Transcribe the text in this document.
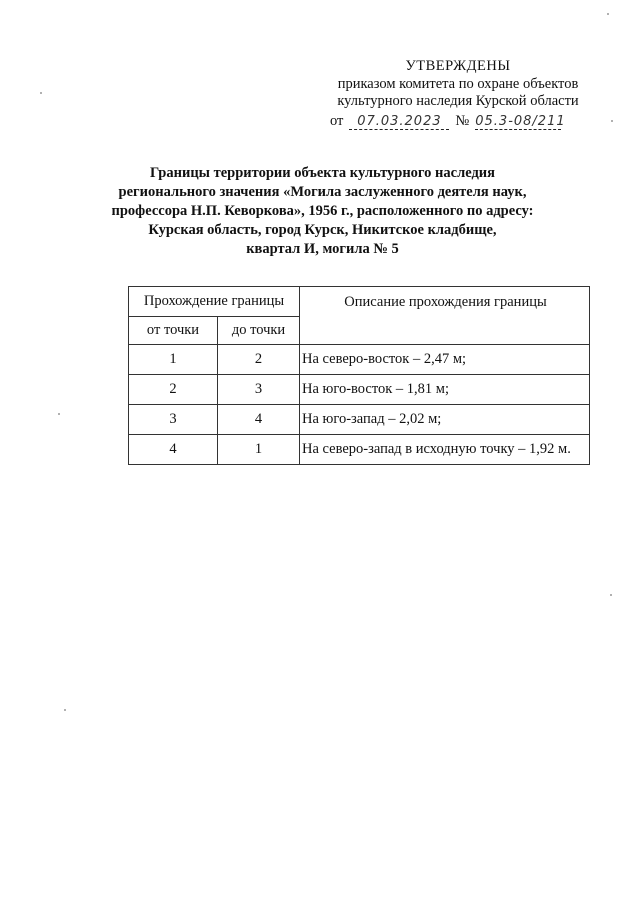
УТВЕРЖДЕНЫ
приказом комитета по охране объектов
культурного наследия Курской области
от 07.03.2023 № 05.3-08/211
Границы территории объекта культурного наследия
регионального значения «Могила заслуженного деятеля наук,
профессора Н.П. Кеворкова», 1956 г., расположенного по адресу:
Курская область, город Курск, Никитское кладбище,
квартал И, могила № 5
Прохождение границы		Описание прохождения границы
от точки	до точки	
1	2	На северо-восток – 2,47 м;
2	3	На юго-восток – 1,81 м;
3	4	На юго-запад – 2,02 м;
4	1	На северо-запад в исходную точку – 1,92 м.
